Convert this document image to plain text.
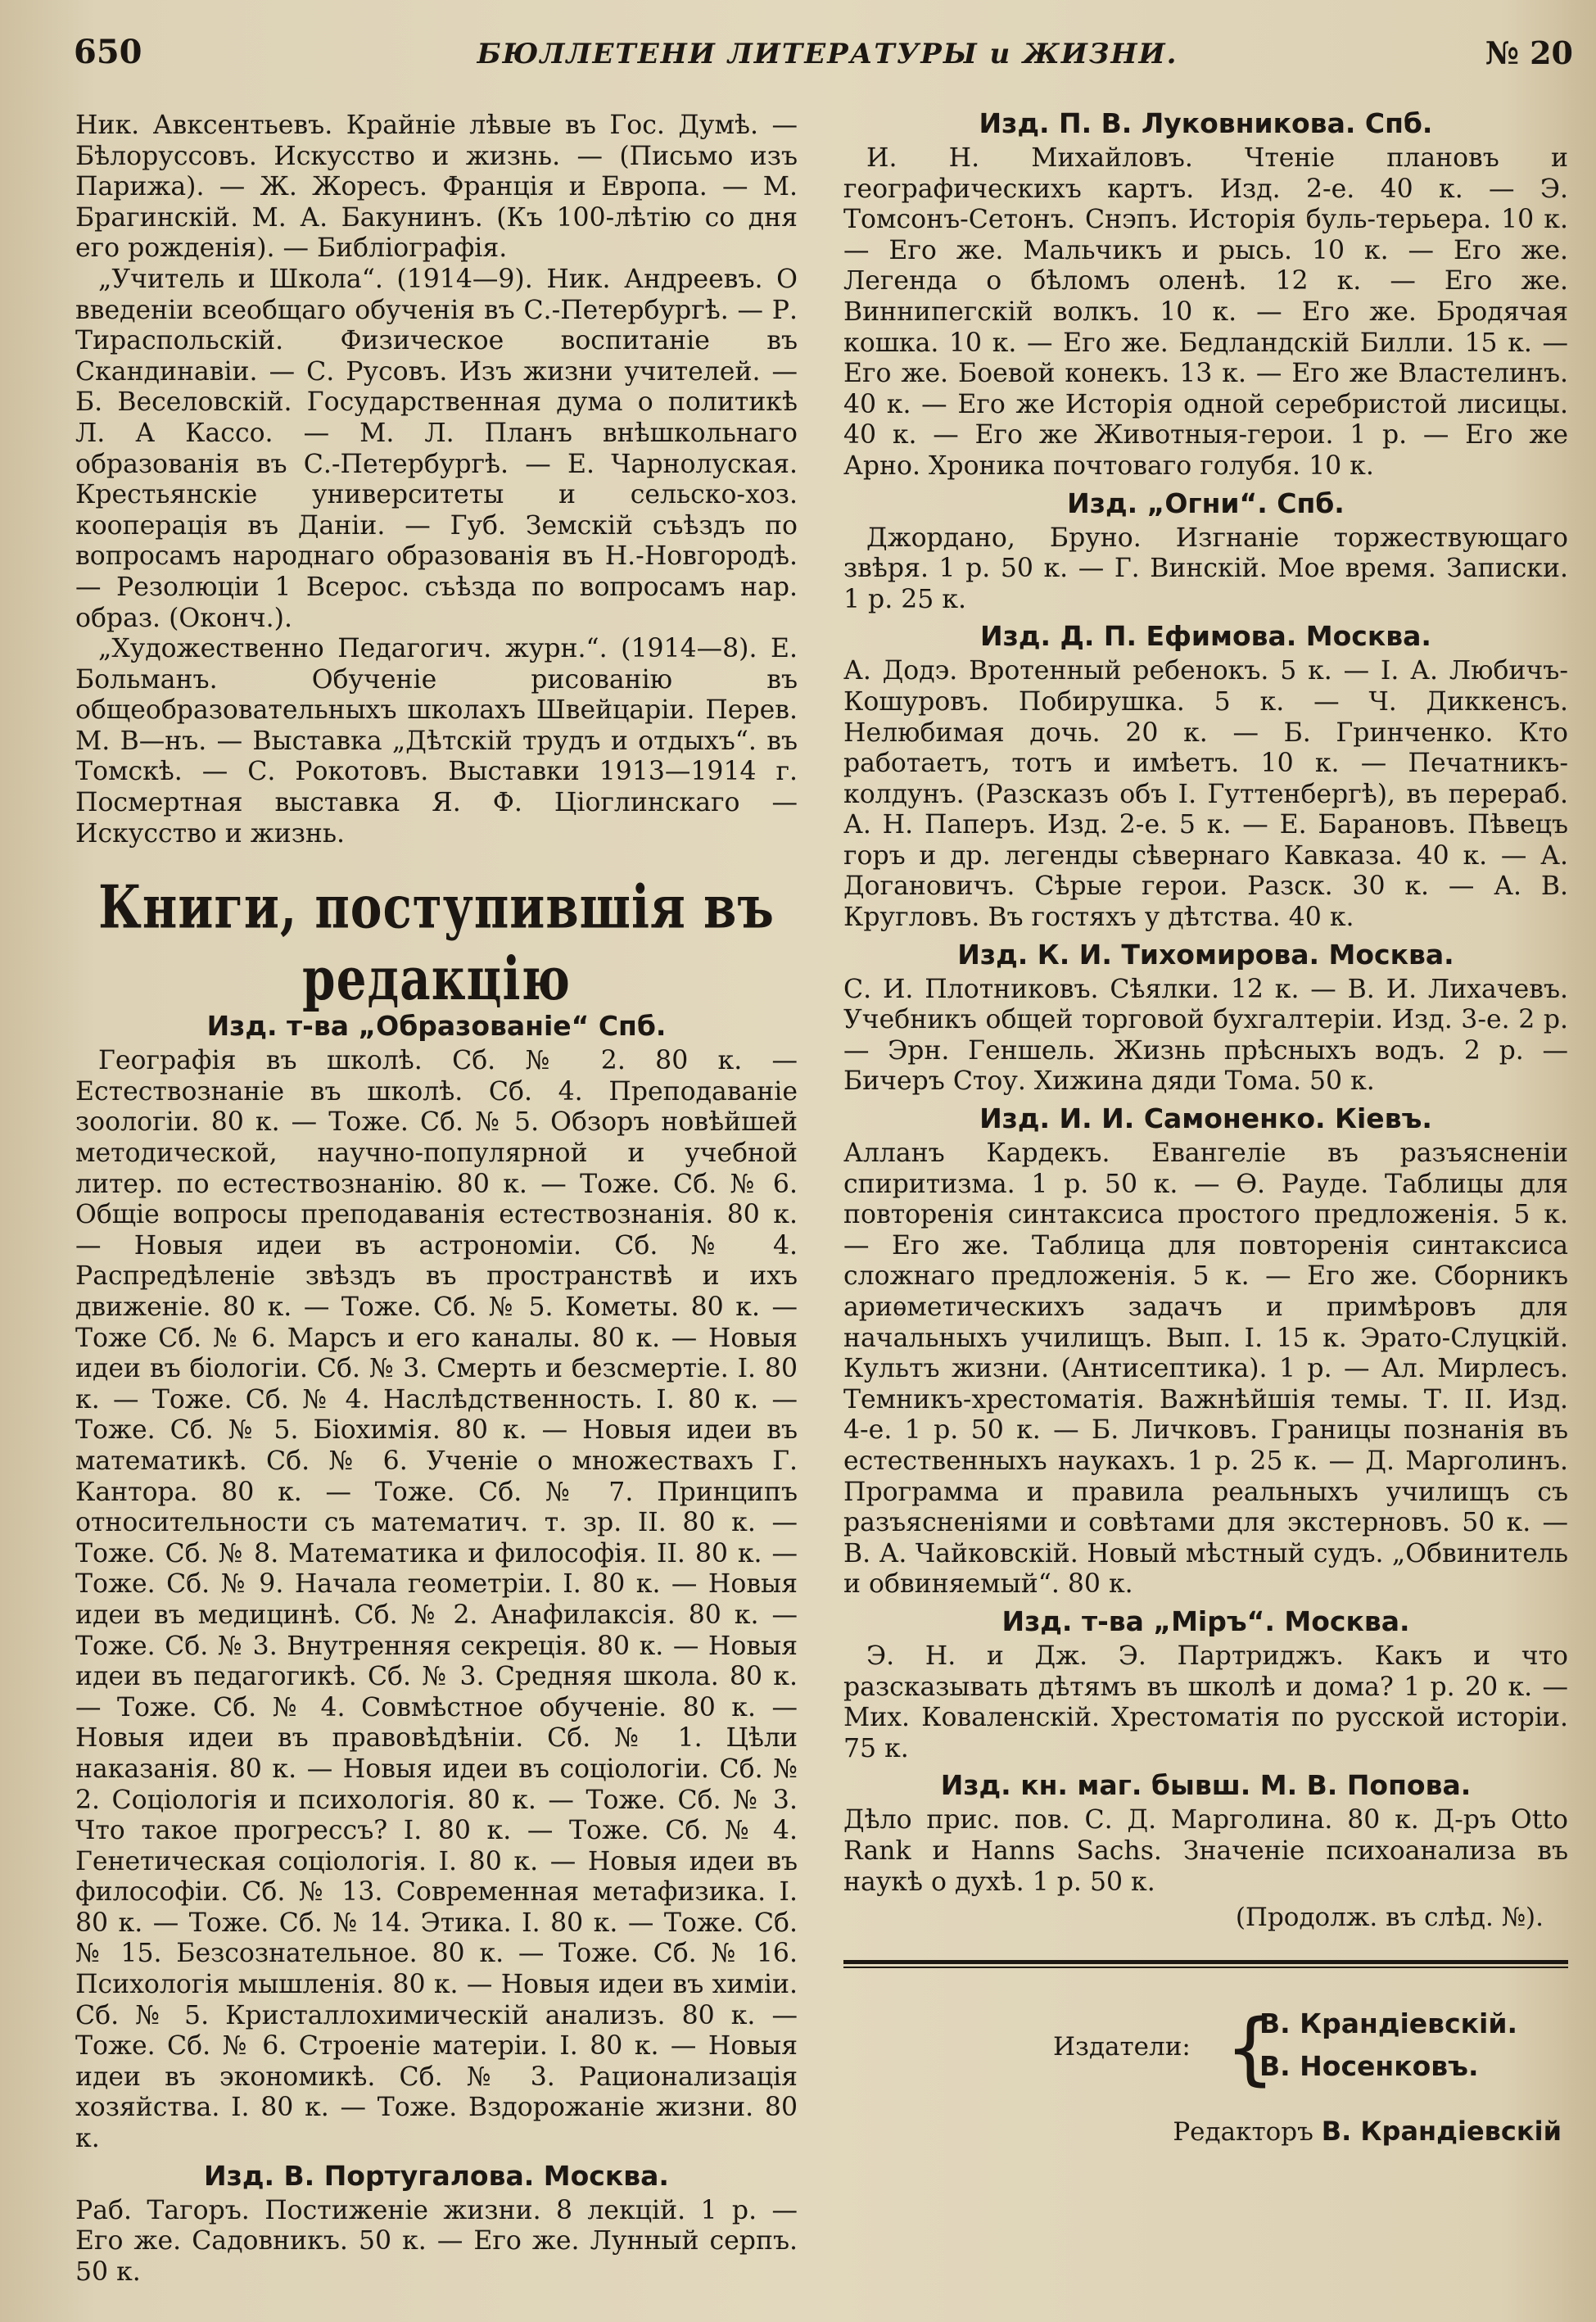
650	БЮЛЛЕТЕНИ ЛИТЕРАТУРЫ и ЖИЗНИ.	№ 20

Ник. Авксентьевъ. Крайніе лѣвые въ Гос. Думѣ. — Бѣлоруссовъ. Искусство и жизнь. — (Письмо изъ Парижа). — Ж. Жоресъ. Франція и Европа. — М. Брагинскій. М. А. Бакунинъ. (Къ 100-лѣтію со дня его рожденія). — Библіографія.

„Учитель и Школа“. (1914—9). Ник. Андреевъ. О введеніи всеобщаго обученія въ С.-Петербургѣ. — Р. Тираспольскій. Физическое воспитаніе въ Скандинавіи. — С. Русовъ. Изъ жизни учителей. — Б. Веселовскій. Государственная дума о политикѣ Л. А Кассо. — М. Л. Планъ внѣшкольнаго образованія въ С.-Петербургѣ. — Е. Чарнолуская. Крестьянскіе университеты и сельско-хоз. кооперація въ Даніи. — Губ. Земскій съѣздъ по вопросамъ народнаго образованія въ Н.-Новгородѣ. — Резолюціи 1 Всерос. съѣзда по вопросамъ нар. образ. (Оконч.).

„Художественно Педагогич. журн.“. (1914—8). Е. Больманъ. Обученіе рисованію въ общеобразовательныхъ школахъ Швейцаріи. Перев. М. В—нъ. — Выставка „Дѣтскій трудъ и отдыхъ“. въ Томскѣ. — С. Рокотовъ. Выставки 1913—1914 г. Посмертная выставка Я. Ф. Ціоглинскаго — Искусство и жизнь.

Книги, поступившія въ редакцію
Изд. т-ва „Образованіе“ Спб.

Географія въ школѣ. Сб. № 2. 80 к. — Естествознаніе въ школѣ. Сб. 4. Преподаваніе зоологіи. 80 к. — Тоже. Сб. № 5. Обзоръ новѣйшей методической, научно-популярной и учебной литер. по естествознанію. 80 к. — Тоже. Сб. № 6. Общіе вопросы преподаванія естествознанія. 80 к. — Новыя идеи въ астрономіи. Сб. № 4. Распредѣленіе звѣздъ въ пространствѣ и ихъ движеніе. 80 к. — Тоже. Сб. № 5. Кометы. 80 к. — Тоже Сб. № 6. Марсъ и его каналы. 80 к. — Новыя идеи въ біологіи. Сб. № 3. Смерть и безсмертіе. I. 80 к. — Тоже. Сб. № 4. Наслѣдственность. I. 80 к. — Тоже. Сб. № 5. Біохимія. 80 к. — Новыя идеи въ математикѣ. Сб. № 6. Ученіе о множествахъ Г. Кантора. 80 к. — Тоже. Сб. № 7. Принципъ относительности съ математич. т. зр. II. 80 к. — Тоже. Сб. № 8. Математика и философія. II. 80 к. — Тоже. Сб. № 9. Начала геометріи. I. 80 к. — Новыя идеи въ медицинѣ. Сб. № 2. Анафилаксія. 80 к. — Тоже. Сб. № 3. Внутренняя секреція. 80 к. — Новыя идеи въ педагогикѣ. Сб. № 3. Средняя школа. 80 к. — Тоже. Сб. № 4. Совмѣстное обученіе. 80 к. — Новыя идеи въ правовѣдѣніи. Сб. № 1. Цѣли наказанія. 80 к. — Новыя идеи въ соціологіи. Сб. № 2. Соціологія и психологія. 80 к. — Тоже. Сб. № 3. Что такое прогрессъ? I. 80 к. — Тоже. Сб. № 4. Генетическая соціологія. I. 80 к. — Новыя идеи въ философіи. Сб. № 13. Современная метафизика. I. 80 к. — Тоже. Сб. № 14. Этика. I. 80 к. — Тоже. Сб. № 15. Безсознательное. 80 к. — Тоже. Сб. № 16. Психологія мышленія. 80 к. — Новыя идеи въ химіи. Сб. № 5. Кристаллохимическій анализъ. 80 к. — Тоже. Сб. № 6. Строеніе матеріи. I. 80 к. — Новыя идеи въ экономикѣ. Сб. № 3. Рационализація хозяйства. I. 80 к. — Тоже. Вздорожаніе жизни. 80 к.

Изд. В. Португалова. Москва.

Раб. Тагоръ. Постиженіе жизни. 8 лекцій. 1 р. — Его же. Садовникъ. 50 к. — Его же. Лунный серпъ. 50 к.

Изд. П. В. Луковникова. Спб.

И. Н. Михайловъ. Чтеніе плановъ и географическихъ картъ. Изд. 2-е. 40 к. — Э. Томсонъ-Сетонъ. Снэпъ. Исторія буль-терьера. 10 к. — Его же. Мальчикъ и рысь. 10 к. — Его же. Легенда о бѣломъ оленѣ. 12 к. — Его же. Виннипегскій волкъ. 10 к. — Его же. Бродячая кошка. 10 к. — Его же. Бедландскій Билли. 15 к. — Его же. Боевой конекъ. 13 к. — Его же Властелинъ. 40 к. — Его же Исторія одной серебристой лисицы. 40 к. — Его же Животныя-герои. 1 р. — Его же Арно. Хроника почтоваго голубя. 10 к.

Изд. „Огни“. Спб.

Джордано, Бруно. Изгнаніе торжествующаго звѣря. 1 р. 50 к. — Г. Винскій. Мое время. Записки. 1 р. 25 к.

Изд. Д. П. Ефимова. Москва.

А. Додэ. Вротенный ребенокъ. 5 к. — I. А. Любичъ-Кошуровъ. Побирушка. 5 к. — Ч. Диккенсъ. Нелюбимая дочь. 20 к. — Б. Гринченко. Кто работаетъ, тотъ и имѣетъ. 10 к. — Печатникъ-колдунъ. (Разсказъ объ I. Гуттенбергѣ), въ перераб. А. Н. Паперъ. Изд. 2-е. 5 к. — Е. Барановъ. Пѣвецъ горъ и др. легенды сѣвернаго Кавказа. 40 к. — А. Догановичъ. Сѣрые герои. Разск. 30 к. — А. В. Кругловъ. Въ гостяхъ у дѣтства. 40 к.

Изд. К. И. Тихомирова. Москва.

С. И. Плотниковъ. Сѣялки. 12 к. — В. И. Лихачевъ. Учебникъ общей торговой бухгалтеріи. Изд. 3-е. 2 р. — Эрн. Геншель. Жизнь прѣсныхъ водъ. 2 р. — Бичеръ Стоу. Хижина дяди Тома. 50 к.

Изд. И. И. Самоненко. Кіевъ.

Алланъ Кардекъ. Евангеліе въ разъясненіи спиритизма. 1 р. 50 к. — Ѳ. Рауде. Таблицы для повторенія синтаксиса простого предложенія. 5 к. — Его же. Таблица для повторенія синтаксиса сложнаго предложенія. 5 к. — Его же. Сборникъ ариѳметическихъ задачъ и примѣровъ для начальныхъ училищъ. Вып. I. 15 к. Эрато-Слуцкій. Культъ жизни. (Антисептика). 1 р. — Ал. Мирлесъ. Темникъ-хрестоматія. Важнѣйшія темы. Т. II. Изд. 4-е. 1 р. 50 к. — Б. Личковъ. Границы познанія въ естественныхъ наукахъ. 1 р. 25 к. — Д. Марголинъ. Программа и правила реальныхъ училищъ съ разъясненіями и совѣтами для экстерновъ. 50 к. — В. А. Чайковскій. Новый мѣстный судъ. „Обвинитель и обвиняемый“. 80 к.

Изд. т-ва „Міръ“. Москва.

Э. Н. и Дж. Э. Партриджъ. Какъ и что разсказывать дѣтямъ въ школѣ и дома? 1 р. 20 к. — Мих. Коваленскій. Хрестоматія по русской исторіи. 75 к.

Изд. кн. маг. бывш. М. В. Попова.

Дѣло прис. пов. С. Д. Марголина. 80 к. Д-ръ Otto Rank и Hanns Sachs. Значеніе психоанализа въ наукѣ о духѣ. 1 р. 50 к.

(Продолж. въ слѣд. №).
Издатели: {
В. Крандіевскій.
В. Носенковъ.
Редакторъ В. Крандіевскій
